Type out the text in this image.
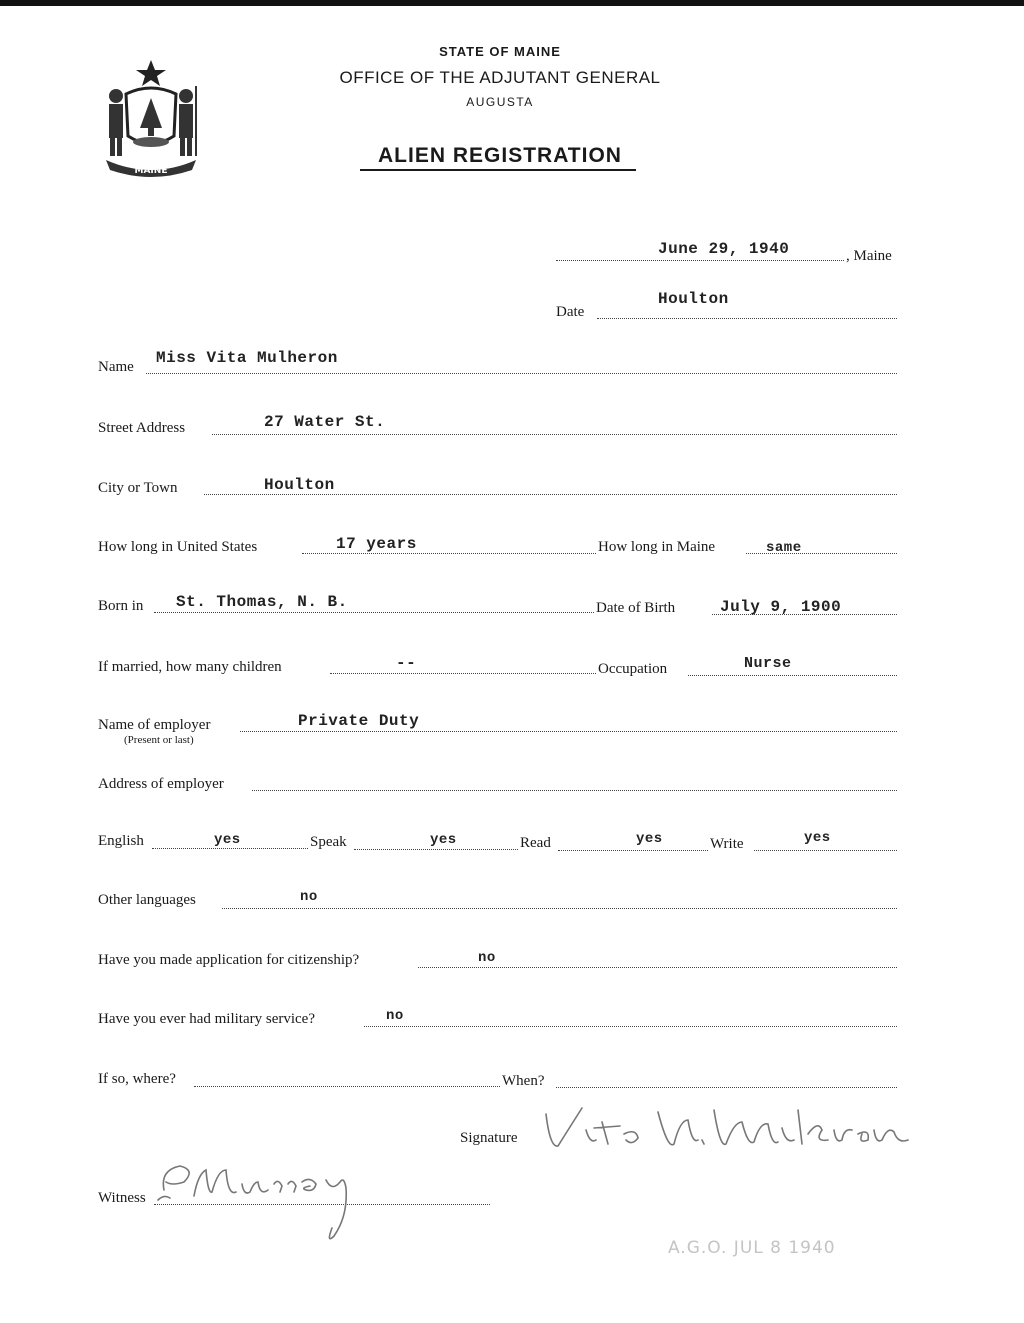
MAINE
STATE OF MAINE
OFFICE OF THE ADJUTANT GENERAL
AUGUSTA
ALIEN REGISTRATION
June 29, 1940	, Maine
Date
Houlton
Name Miss Vita Mulheron
Street Address	27 Water St.
City or Town	Houlton
How long in United States	17 years	How long in Maine	same
Born in St. Thomas, N. B.	Date of Birth	July 9, 1900
If married, how many children	--	Occupation	Nurse
Name of employer
(Present or last)
Private Duty
Address of employer
English	yes	Speak	yes	Read	yes	Write	yes
Other languages	no
Have you made application for citizenship?	no
Have you ever had military service?	no
If so, where?	When?
Signature
Vita M. Mulheron
Witness
P. Murray
A.G.O. JUL 8 1940
